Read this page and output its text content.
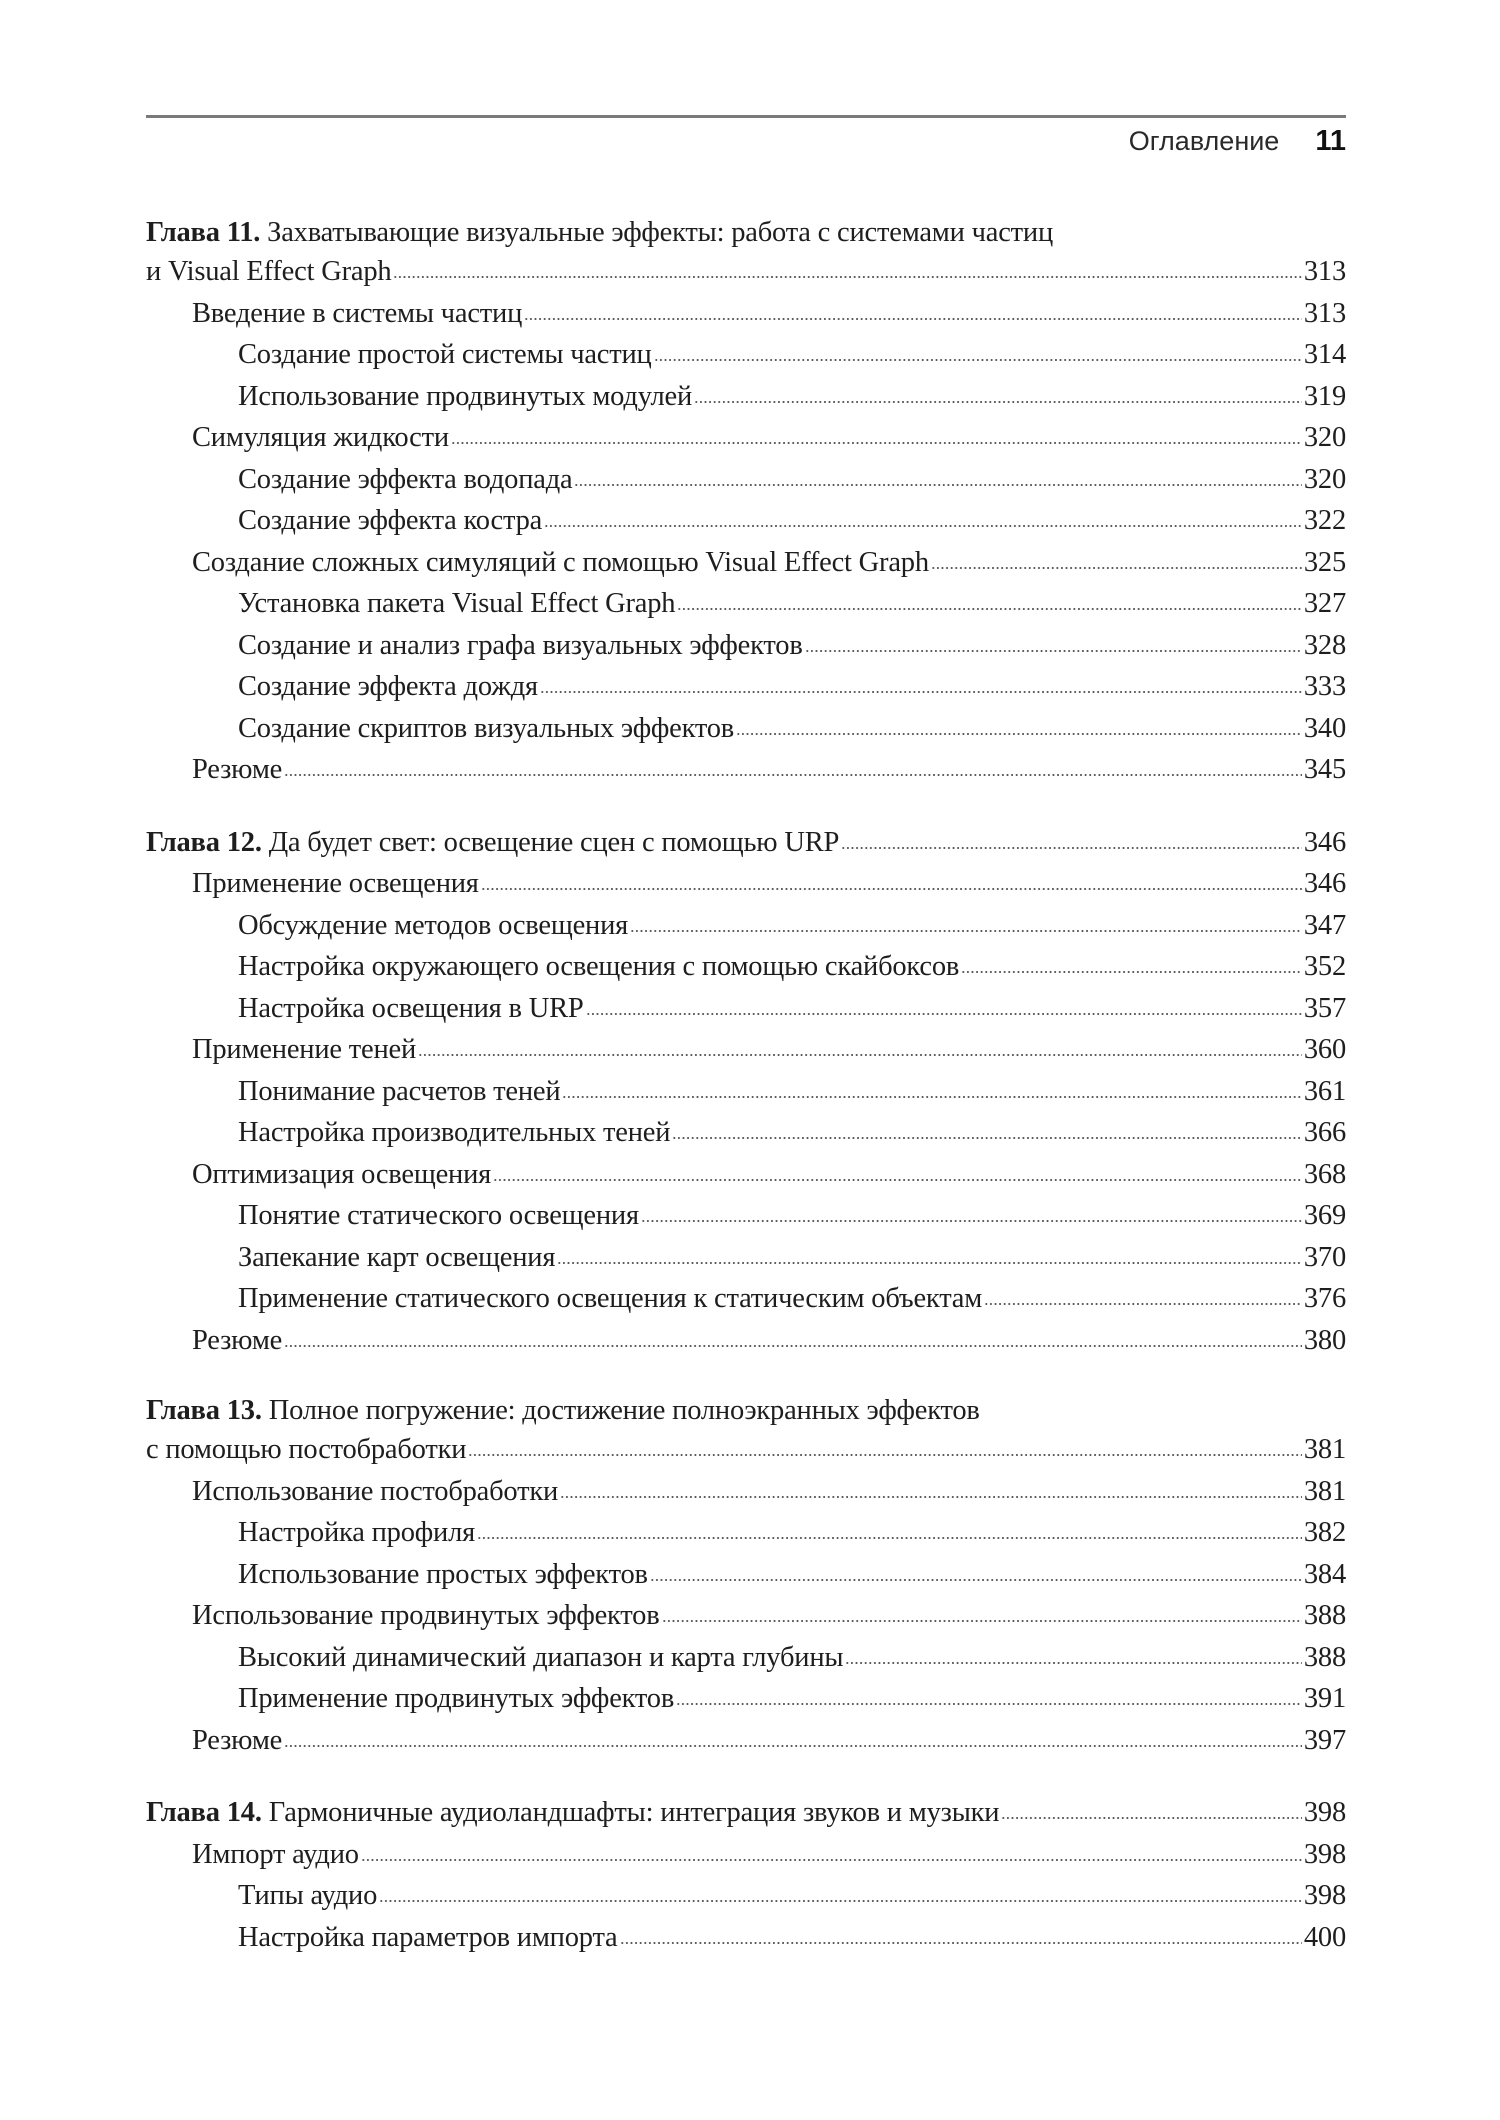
Оглавление 11
Глава 11. Захватывающие визуальные эффекты: работа с системами частиц
и Visual Effect Graph	313
Введение в системы частиц	313
Создание простой системы частиц	314
Использование продвинутых модулей	319
Симуляция жидкости	320
Создание эффекта водопада	320
Создание эффекта костра	322
Создание сложных симуляций с помощью Visual Effect Graph	325
Установка пакета Visual Effect Graph	327
Создание и анализ графа визуальных эффектов	328
Создание эффекта дождя	333
Создание скриптов визуальных эффектов	340
Резюме	345
Глава 12. Да будет свет: освещение сцен с помощью URP	346
Применение освещения	346
Обсуждение методов освещения	347
Настройка окружающего освещения с помощью скайбоксов	352
Настройка освещения в URP	357
Применение теней	360
Понимание расчетов теней	361
Настройка производительных теней	366
Оптимизация освещения	368
Понятие статического освещения	369
Запекание карт освещения	370
Применение статического освещения к статическим объектам	376
Резюме	380
Глава 13. Полное погружение: достижение полноэкранных эффектов
с помощью постобработки	381
Использование постобработки	381
Настройка профиля	382
Использование простых эффектов	384
Использование продвинутых эффектов	388
Высокий динамический диапазон и карта глубины	388
Применение продвинутых эффектов	391
Резюме	397
Глава 14. Гармоничные аудиоландшафты: интеграция звуков и музыки	398
Импорт аудио	398
Типы аудио	398
Настройка параметров импорта	400
